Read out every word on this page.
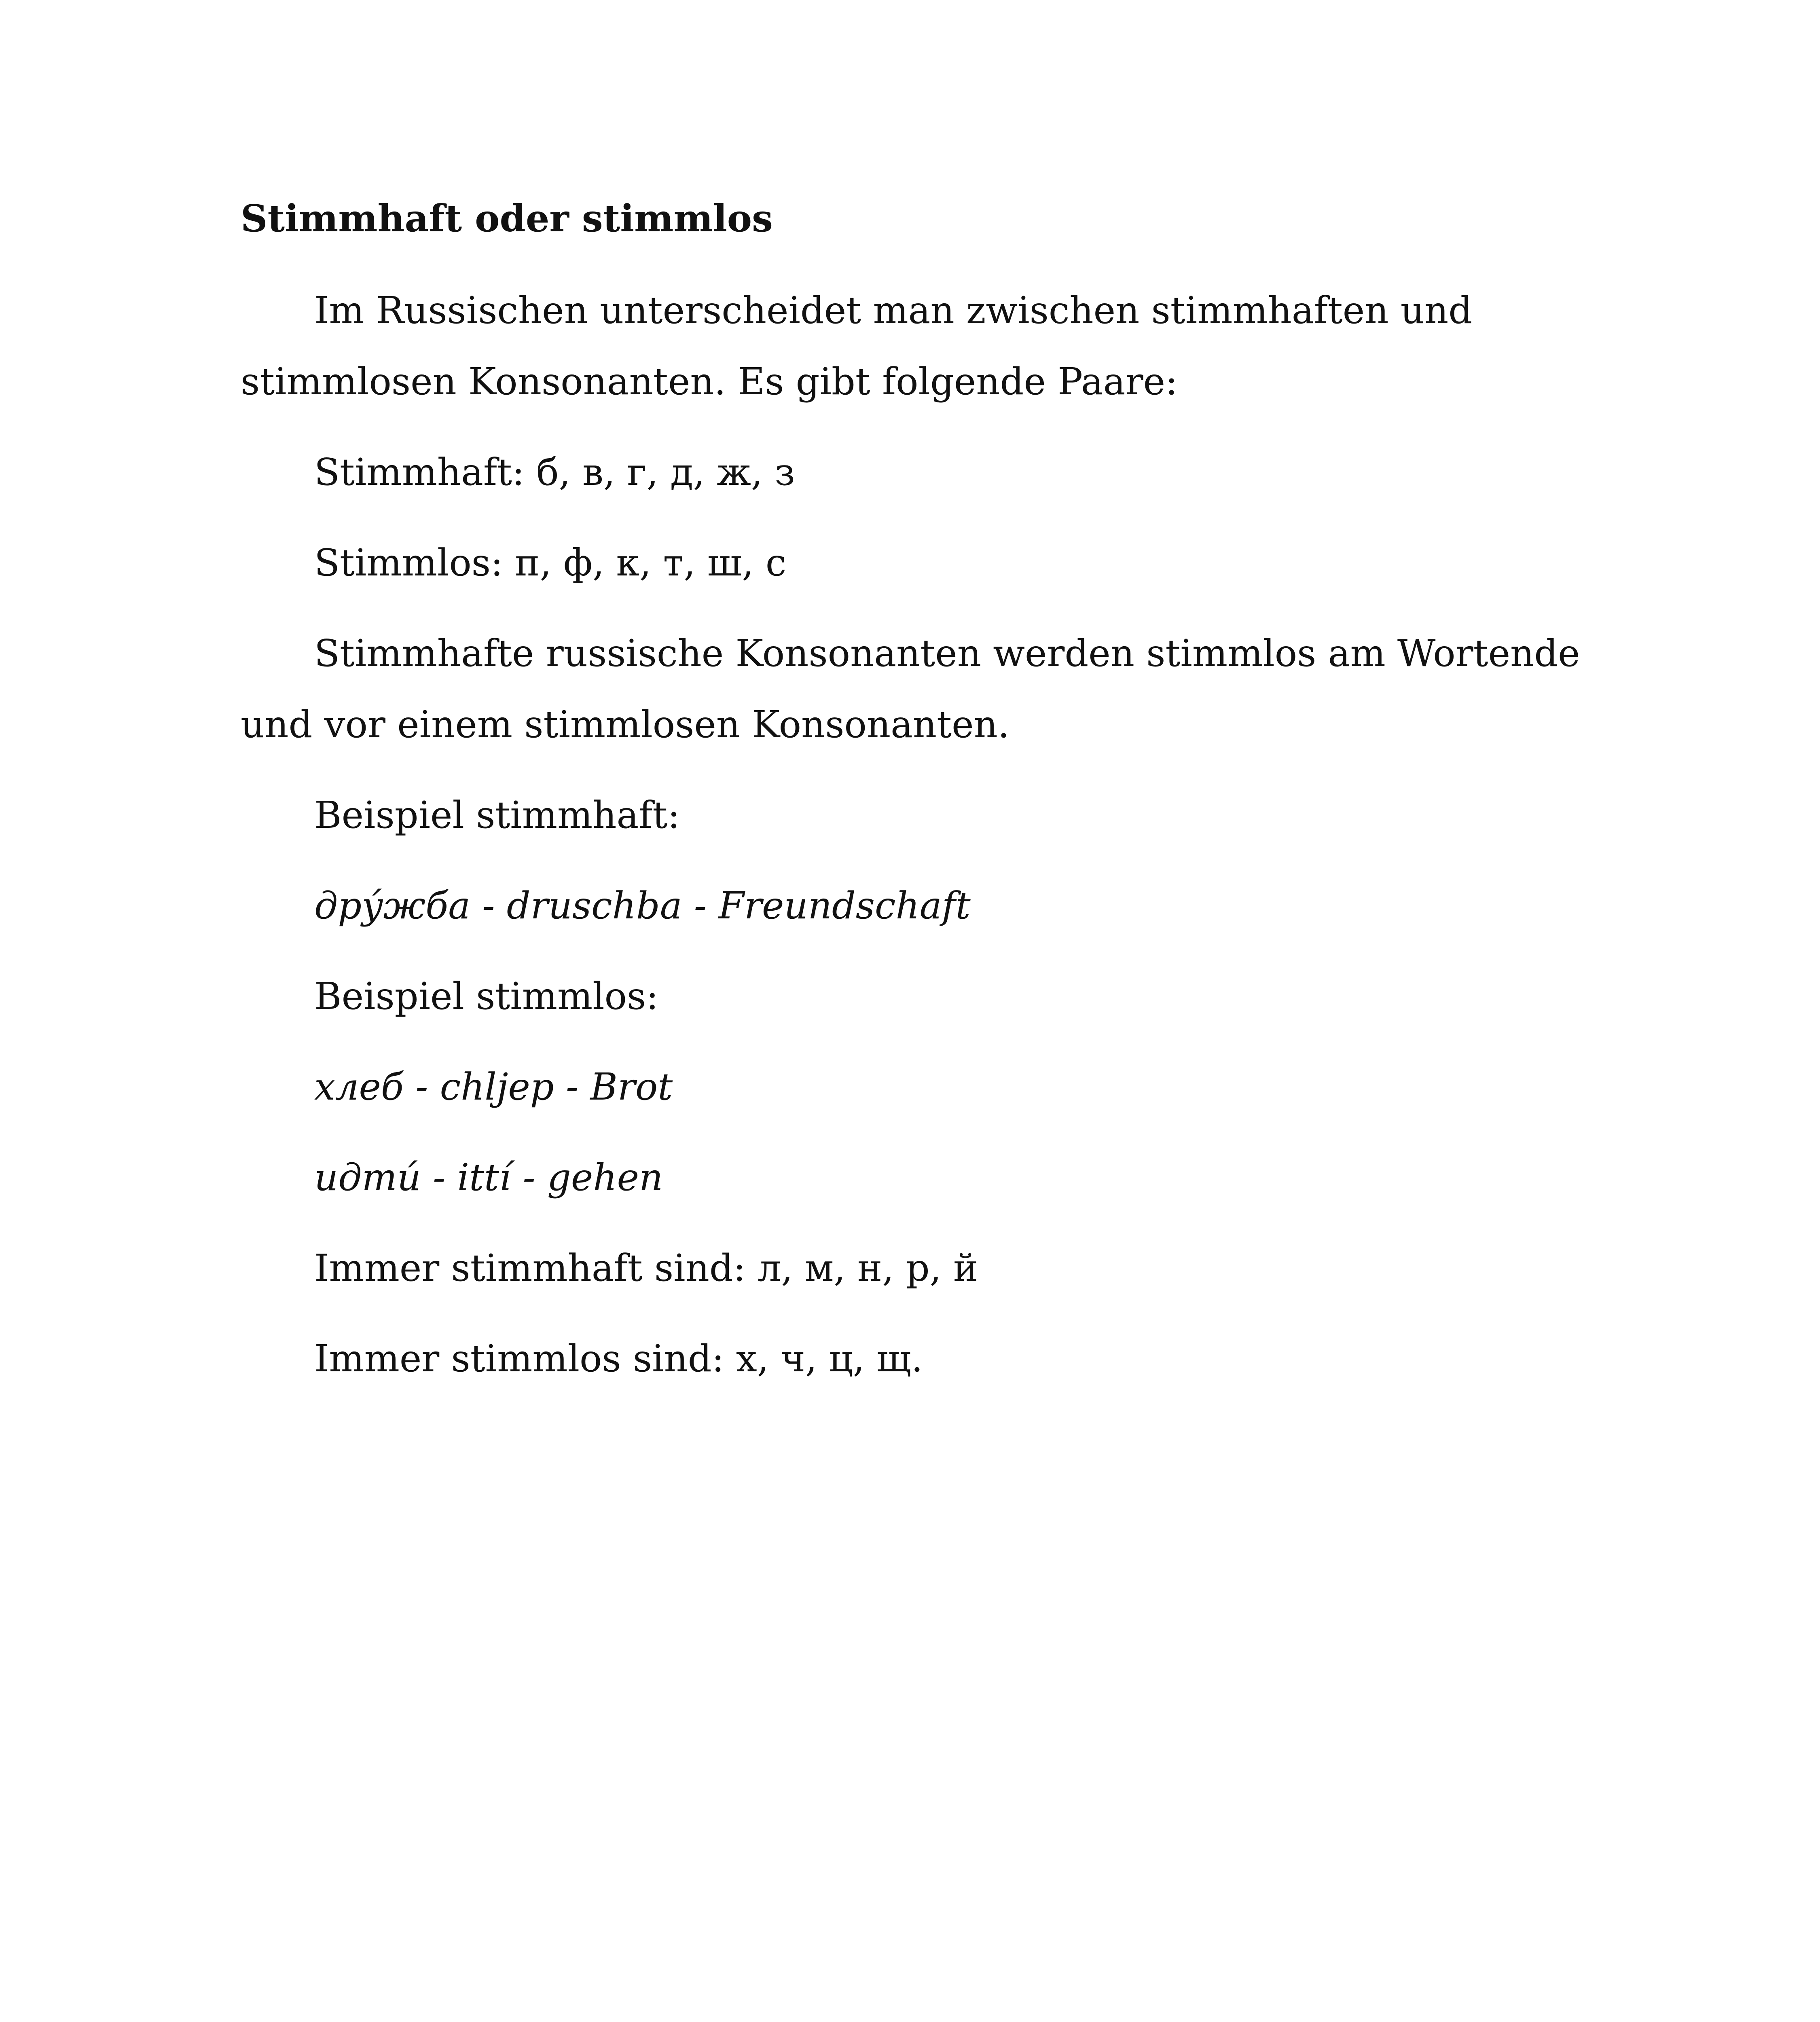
Stimmhaft oder stimmlos

Im Russischen unterscheidet man zwischen stimmhaften und stimmlosen Konsonanten. Es gibt folgende Paare:

Stimmhaft: б, в, г, д, ж, з

Stimmlos: п, ф, к, т, ш, с

Stimmhafte russische Konsonanten werden stimmlos am Wortende und vor einem stimmlosen Konsonanten.

Beispiel stimmhaft:

дру́жба - druschba - Freundschaft

Beispiel stimmlos:

хлеб - chljep - Brot

идти́ - ittí - gehen

Immer stimmhaft sind: л, м, н, р, й

Immer stimmlos sind: х, ч, ц, щ.
